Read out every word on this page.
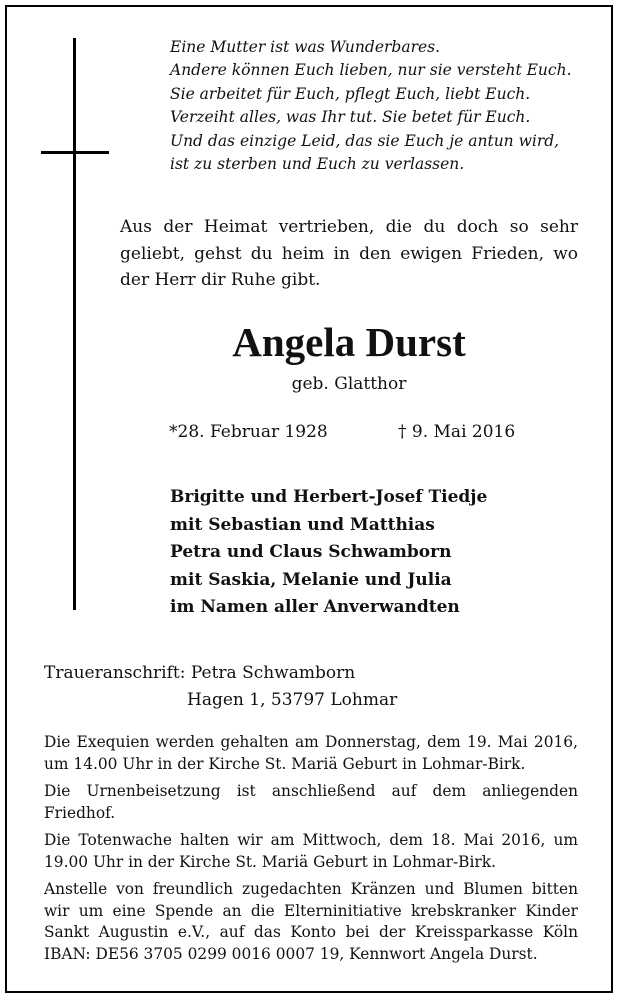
Eine Mutter ist was Wunderbares.
Andere können Euch lieben, nur sie versteht Euch.
Sie arbeitet für Euch, pflegt Euch, liebt Euch.
Verzeiht alles, was Ihr tut. Sie betet für Euch.
Und das einzige Leid, das sie Euch je antun wird,
ist zu sterben und Euch zu verlassen.
Aus der Heimat vertrieben, die du doch so sehr geliebt, gehst du heim in den ewigen Frieden, wo der Herr dir Ruhe gibt.
Angela Durst
geb. Glatthor
*28. Februar 1928	† 9. Mai 2016
Brigitte und Herbert-Josef Tiedje
mit Sebastian und Matthias
Petra und Claus Schwamborn
mit Saskia, Melanie und Julia
im Namen aller Anverwandten
Traueranschrift: Petra Schwamborn
Hagen 1, 53797 Lohmar

Die Exequien werden gehalten am Donnerstag, dem 19. Mai 2016, um 14.00 Uhr in der Kirche St. Mariä Geburt in Lohmar-Birk.

Die Urnenbeisetzung ist anschließend auf dem anliegenden Friedhof.

Die Totenwache halten wir am Mittwoch, dem 18. Mai 2016, um 19.00 Uhr in der Kirche St. Mariä Geburt in Lohmar-Birk.

Anstelle von freundlich zugedachten Kränzen und Blumen bitten wir um eine Spende an die Elterninitiative krebskranker Kinder Sankt Augustin e.V., auf das Konto bei der Kreissparkasse Köln IBAN: DE56 3705 0299 0016 0007 19, Kennwort Angela Durst.
